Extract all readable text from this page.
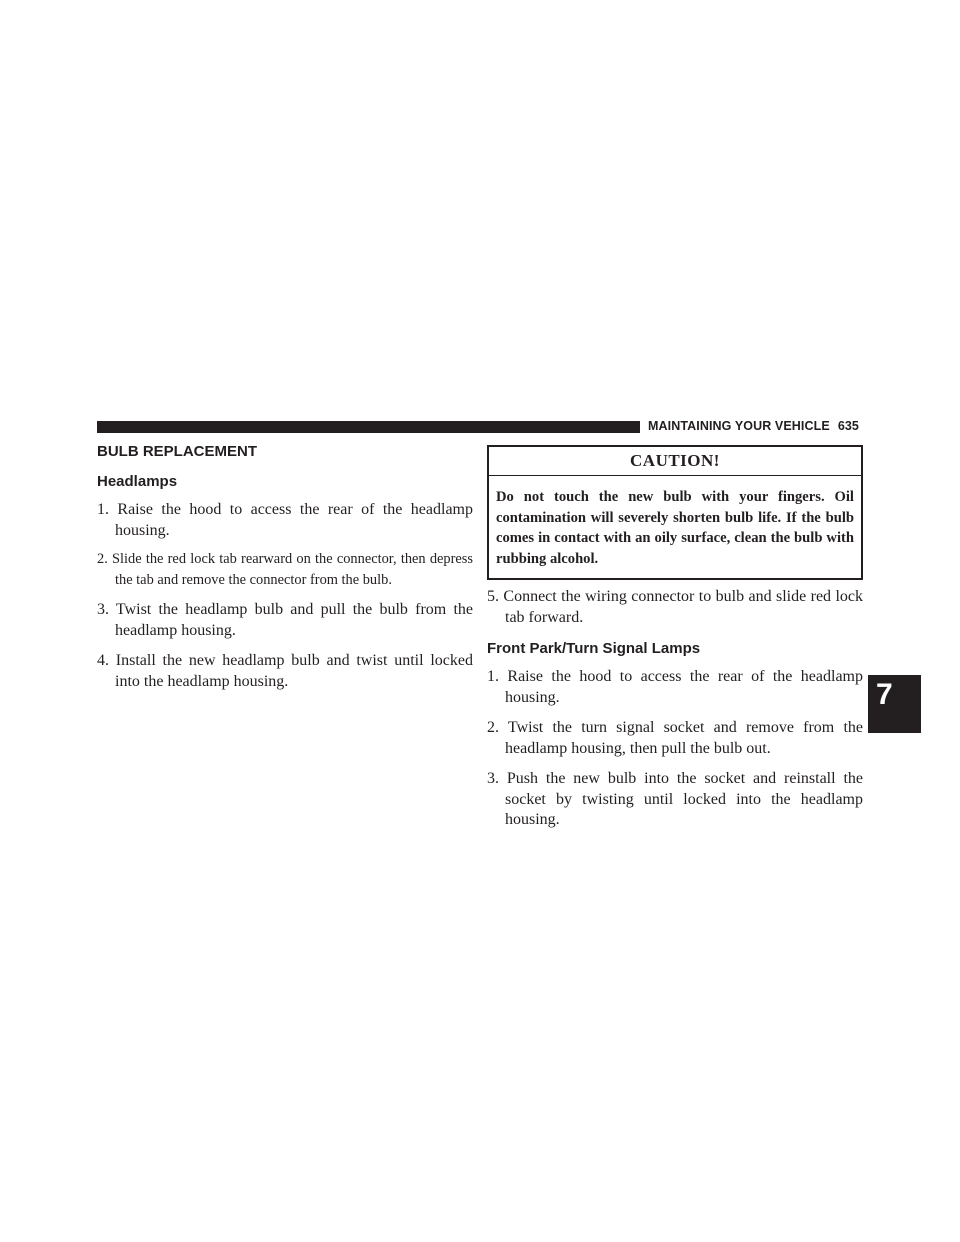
MAINTAINING YOUR VEHICLE 635
7
BULB REPLACEMENT
Headlamps
1. Raise the hood to access the rear of the headlamp housing.
2. Slide the red lock tab rearward on the connector, then depress the tab and remove the connector from the bulb.
3. Twist the headlamp bulb and pull the bulb from the headlamp housing.
4. Install the new headlamp bulb and twist until locked into the headlamp housing.
CAUTION!
Do not touch the new bulb with your fingers. Oil contamination will severely shorten bulb life. If the bulb comes in contact with an oily surface, clean the bulb with rubbing alcohol.
5. Connect the wiring connector to bulb and slide red lock tab forward.
Front Park/Turn Signal Lamps
1. Raise the hood to access the rear of the headlamp housing.
2. Twist the turn signal socket and remove from the headlamp housing, then pull the bulb out.
3. Push the new bulb into the socket and reinstall the socket by twisting until locked into the headlamp housing.
